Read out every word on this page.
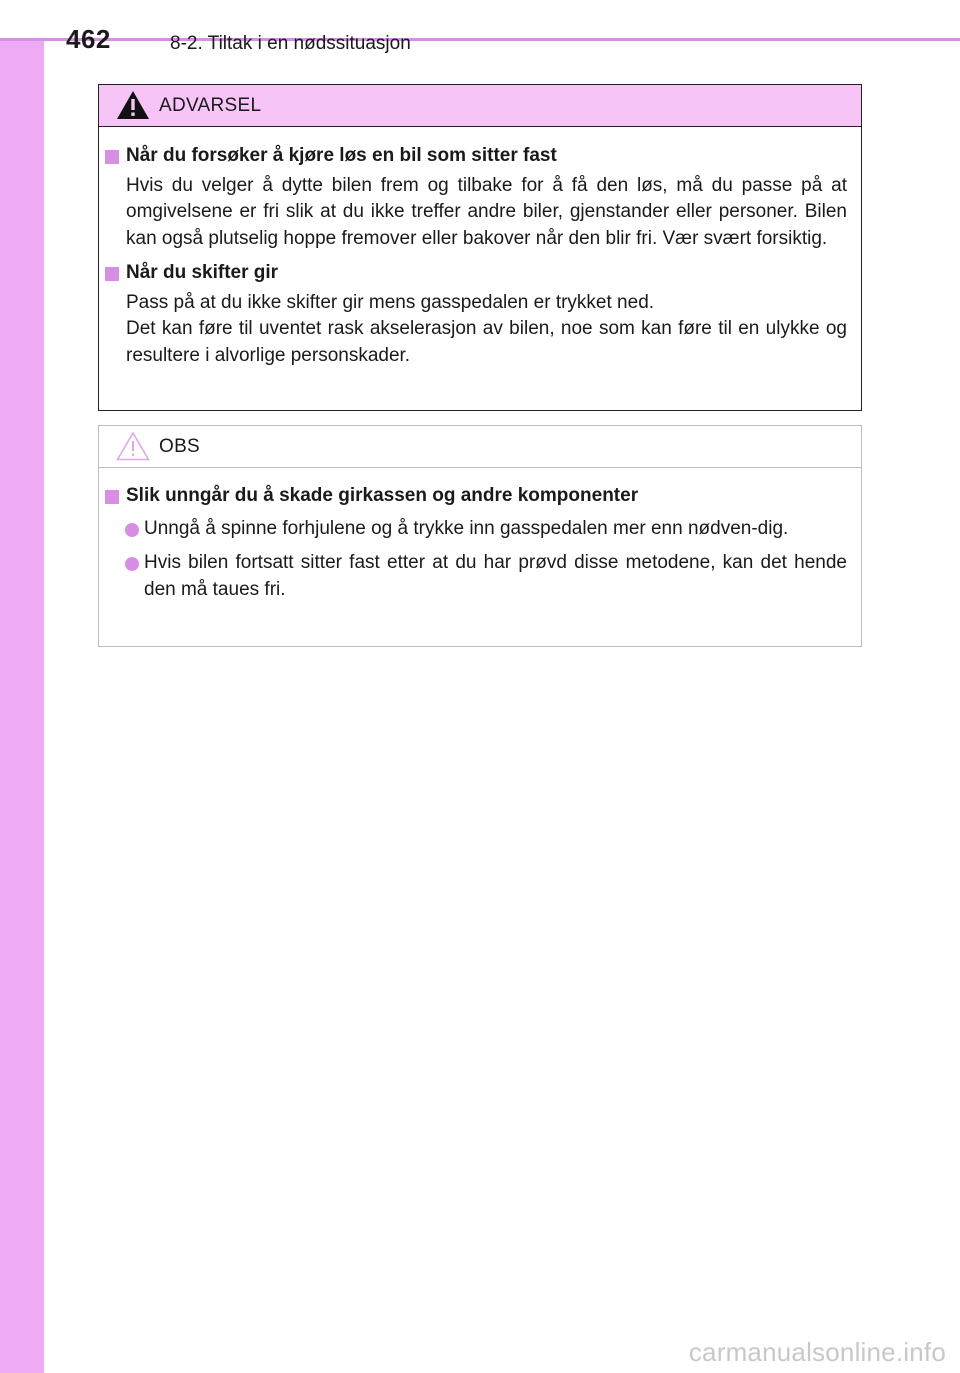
462	8-2. Tiltak i en nødssituasjon
ADVARSEL
Når du forsøker å kjøre løs en bil som sitter fast

Hvis du velger å dytte bilen frem og tilbake for å få den løs, må du passe på at omgivelsene er fri slik at du ikke treffer andre biler, gjenstander eller personer. Bilen kan også plutselig hoppe fremover eller bakover når den blir fri. Vær svært forsiktig.

Når du skifter gir

Pass på at du ikke skifter gir mens gasspedalen er trykket ned.

Det kan føre til uventet rask akselerasjon av bilen, noe som kan føre til en ulykke og resultere i alvorlige personskader.

OBS
Slik unngår du å skade girkassen og andre komponenter
Unngå å spinne forhjulene og å trykke inn gasspedalen mer enn nødven-dig.
Hvis bilen fortsatt sitter fast etter at du har prøvd disse metodene, kan det hende den må taues fri.
carmanualsonline.info
